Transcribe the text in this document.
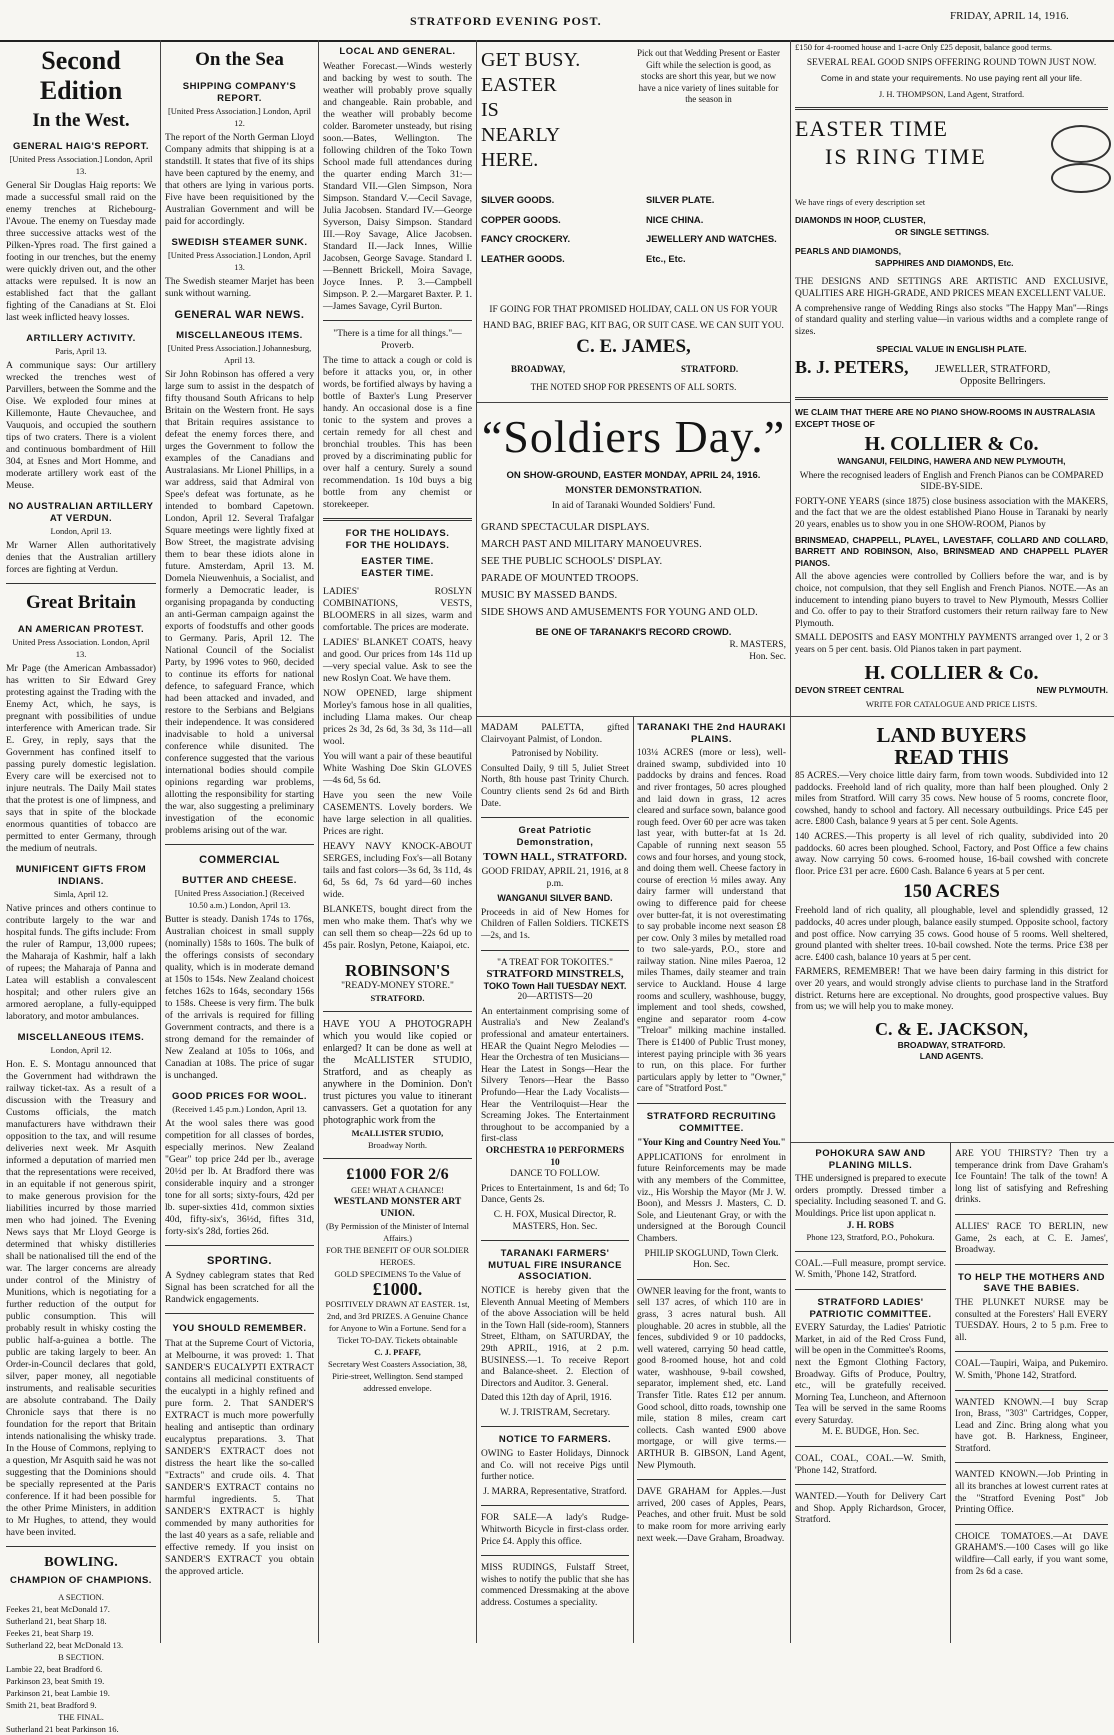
STRATFORD EVENING POST.	FRIDAY, APRIL 14, 1916.
Second Edition
In the West.
GENERAL HAIG'S REPORT.
[United Press Association.] London, April 13.
General Sir Douglas Haig reports: We made a successful small raid on the enemy trenches at Richebourg-l'Avoue. The enemy on Tuesday made three successive attacks west of the Pilken-Ypres road. The first gained a footing in our trenches, but the enemy were quickly driven out, and the other attacks were repulsed. It is now an established fact that the gallant fighting of the Canadians at St. Eloi last week inflicted heavy losses.
ARTILLERY ACTIVITY.
Paris, April 13.
A communique says: Our artillery wrecked the trenches west of Parvillers, between the Somme and the Oise. We exploded four mines at Killemonte, Haute Chevauchee, and Vauquois, and occupied the southern tips of two craters. There is a violent and continuous bombardment of Hill 304, at Esnes and Mort Homme, and moderate artillery work east of the Meuse.
NO AUSTRALIAN ARTILLERY AT VERDUN.
London, April 13.
Mr Warner Allen authoritatively denies that the Australian artillery forces are fighting at Verdun.
Great Britain
AN AMERICAN PROTEST.
United Press Association. London, April 13.
Mr Page (the American Ambassador) has written to Sir Edward Grey protesting against the Trading with the Enemy Act, which, he says, is pregnant with possibilities of undue interference with American trade. Sir E. Grey, in reply, says that the Government has confined itself to passing purely domestic legislation. Every care will be exercised not to injure neutrals. The Daily Mail states that the protest is one of limpness, and says that in spite of the blockade enormous quantities of tobacco are permitted to enter Germany, through the medium of neutrals.
MUNIFICENT GIFTS FROM INDIANS.
Simla, April 12.
Native princes and others continue to contribute largely to the war and hospital funds. The gifts include: From the ruler of Rampur, 13,000 rupees; the Maharaja of Kashmir, half a lakh of rupees; the Maharaja of Panna and Latea will establish a convalescent hospital; and other rulers give an armored aeroplane, a fully-equipped laboratory, and motor ambulances.
MISCELLANEOUS ITEMS.
London, April 12.
Hon. E. S. Montagu announced that the Government had withdrawn the railway ticket-tax. As a result of a discussion with the Treasury and Customs officials, the match manufacturers have withdrawn their opposition to the tax, and will resume deliveries next week. Mr Asquith informed a deputation of married men that the representations were received, in an equitable if not generous spirit, to make generous provision for the liabilities incurred by those married men who had joined. The Evening News says that Mr Lloyd George is determined that whisky distilleries shall be nationalised till the end of the war. The larger concerns are already under control of the Ministry of Munitions, which is negotiating for a further reduction of the output for public consumption. This will probably result in whisky costing the public half-a-guinea a bottle. The public are taking largely to beer. An Order-in-Council declares that gold, silver, paper money, all negotiable instruments, and realisable securities are absolute contraband. The Daily Chronicle says that there is no foundation for the report that Britain intends nationalising the whisky trade. In the House of Commons, replying to a question, Mr Asquith said he was not suggesting that the Dominions should be specially represented at the Paris conference. If it had been possible for the other Prime Ministers, in addition to Mr Hughes, to attend, they would have been invited.
BOWLING.
CHAMPION OF CHAMPIONS.
A SECTION.
Feekes 21, beat McDonald 17.
Sutherland 21, beat Sharp 18.
Feekes 21, beat Sharp 19.
Sutherland 22, beat McDonald 13.
B SECTION.
Lambie 22, beat Bradford 6.
Parkinson 23, beat Smith 19.
Parkinson 21, beat Lambie 19.
Smith 21, beat Bradford 9.
THE FINAL.
Sutherland 21 beat Parkinson 16.
On the Sea
SHIPPING COMPANY'S REPORT.
[United Press Association.] London, April 12.
The report of the North German Lloyd Company admits that shipping is at a standstill. It states that five of its ships have been captured by the enemy, and that others are lying in various ports. Five have been requisitioned by the Australian Government and will be paid for accordingly.
SWEDISH STEAMER SUNK.
[United Press Association.] London, April 13.
The Swedish steamer Marjet has been sunk without warning.
GENERAL WAR NEWS.
MISCELLANEOUS ITEMS.
[United Press Association.] Johannesburg, April 13.
Sir John Robinson has offered a very large sum to assist in the despatch of fifty thousand South Africans to help Britain on the Western front. He says that Britain requires assistance to defeat the enemy forces there, and urges the Government to follow the examples of the Canadians and Australasians. Mr Lionel Phillips, in a war address, said that Admiral von Spee's defeat was fortunate, as he intended to bombard Capetown. London, April 12. Several Trafalgar Square meetings were lightly fixed at Bow Street, the magistrate advising them to bear these idiots alone in future. Amsterdam, April 13. M. Domela Nieuwenhuis, a Socialist, and formerly a Democratic leader, is organising propaganda by conducting an anti-German campaign against the exports of foodstuffs and other goods to Germany. Paris, April 12. The National Council of the Socialist Party, by 1996 votes to 960, decided to continue its efforts for national defence, to safeguard France, which had been attacked and invaded, and restore to the Serbians and Belgians their independence. It was considered inadvisable to hold a universal conference while disunited. The conference suggested that the various international bodies should compile opinions regarding war problems, allotting the responsibility for starting the war, also suggesting a preliminary investigation of the economic problems arising out of the war.
COMMERCIAL
BUTTER AND CHEESE.
[United Press Association.] (Received 10.50 a.m.) London, April 13.
Butter is steady. Danish 174s to 176s, Australian choicest in small supply (nominally) 158s to 160s. The bulk of the offerings consists of secondary quality, which is in moderate demand at 150s to 154s. New Zealand choicest fetches 162s to 164s, secondary 156s to 158s. Cheese is very firm. The bulk of the arrivals is required for filling Government contracts, and there is a strong demand for the remainder of New Zealand at 105s to 106s, and Canadian at 108s. The price of sugar is unchanged.
GOOD PRICES FOR WOOL.
(Received 1.45 p.m.) London, April 13.
At the wool sales there was good competition for all classes of bordes, especially merinos. New Zealand "Gear" top price 24d per lb., average 20½d per lb. At Bradford there was considerable inquiry and a stronger tone for all sorts; sixty-fours, 42d per lb. super-sixties 41d, common sixties 40d, fifty-six's, 36½d, fiftes 31d, forty-six's 28d, forties 26d.
SPORTING.
A Sydney cablegram states that Red Signal has been scratched for all the Randwick engagements.
YOU SHOULD REMEMBER.
That at the Supreme Court of Victoria, at Melbourne, it was proved: 1. That SANDER'S EUCALYPTI EXTRACT contains all medicinal constituents of the eucalypti in a highly refined and pure form. 2. That SANDER'S EXTRACT is much more powerfully healing and antiseptic than ordinary eucalyptus preparations. 3. That SANDER'S EXTRACT does not distress the heart like the so-called "Extracts" and crude oils. 4. That SANDER'S EXTRACT contains no harmful ingredients. 5. That SANDER'S EXTRACT is highly commended by many authorities for the last 40 years as a safe, reliable and effective remedy. If you insist on SANDER'S EXTRACT you obtain the approved article.
LOCAL AND GENERAL.
Weather Forecast.—Winds westerly and backing by west to south. The weather will probably prove squally and changeable. Rain probable, and the weather will probably become colder. Barometer unsteady, but rising soon.—Bates, Wellington. The following children of the Toko Town School made full attendances during the quarter ending March 31:—Standard VII.—Glen Simpson, Nora Simpson. Standard V.—Cecil Savage, Julia Jacobsen. Standard IV.—George Syverson, Daisy Simpson. Standard III.—Roy Savage, Alice Jacobsen. Standard II.—Jack Innes, Willie Jacobsen, George Savage. Standard I.—Bennett Brickell, Moira Savage, Joyce Innes. P. 3.—Campbell Simpson. P. 2.—Margaret Baxter. P. 1.—James Savage, Cyril Burton.
"There is a time for all things."—Proverb.
The time to attack a cough or cold is before it attacks you, or, in other words, be fortified always by having a bottle of Baxter's Lung Preserver handy. An occasional dose is a fine tonic to the system and proves a certain remedy for all chest and bronchial troubles. This has been proved by a discriminating public for over half a century. Surely a sound recommendation. 1s 10d buys a big bottle from any chemist or storekeeper.
FOR THE HOLIDAYS.
FOR THE HOLIDAYS.
EASTER TIME.
EASTER TIME.
LADIES' ROSLYN COMBINATIONS, VESTS, BLOOMERS in all sizes, warm and comfortable. The prices are moderate.
LADIES' BLANKET COATS, heavy and good. Our prices from 14s 11d up—very special value. Ask to see the new Roslyn Coat. We have them.
NOW OPENED, large shipment Morley's famous hose in all qualities, including Llama makes. Our cheap prices 2s 3d, 2s 6d, 3s 3d, 3s 11d—all wool.
You will want a pair of these beautiful White Washing Doe Skin GLOVES —4s 6d, 5s 6d.
Have you seen the new Voile CASEMENTS. Lovely borders. We have large selection in all qualities. Prices are right.
HEAVY NAVY KNOCK-ABOUT SERGES, including Fox's—all Botany tails and fast colors—3s 6d, 3s 11d, 4s 6d, 5s 6d, 7s 6d yard—60 inches wide.
BLANKETS, bought direct from the men who make them. That's why we can sell them so cheap—22s 6d up to 45s pair. Roslyn, Petone, Kaiapoi, etc.
ROBINSON'S
"READY-MONEY STORE."
STRATFORD.
HAVE YOU A PHOTOGRAPH which you would like copied or enlarged? It can be done as well at the McALLISTER STUDIO, Stratford, and as cheaply as anywhere in the Dominion. Don't trust pictures you value to itinerant canvassers. Get a quotation for any photographic work from the
McALLISTER STUDIO,
Broadway North.
£1000 FOR 2/6
GEE! WHAT A CHANCE!
WESTLAND MONSTER ART UNION.
(By Permission of the Minister of Internal Affairs.)
FOR THE BENEFIT OF OUR SOLDIER HEROES.
GOLD SPECIMENS To the Value of
£1000.
POSITIVELY DRAWN AT EASTER. 1st, 2nd, and 3rd PRIZES. A Genuine Chance for Anyone to Win a Fortune. Send for a Ticket TO-DAY. Tickets obtainable
C. J. PFAFF,
Secretary West Coasters Association, 38, Pirie-street, Wellington. Send stamped addressed envelope.
GET BUSY.
EASTER
IS
NEARLY
HERE.
Pick out that Wedding Present or Easter Gift while the selection is good, as stocks are short this year, but we now have a nice variety of lines suitable for the season in
SILVER GOODS.
COPPER GOODS.
FANCY CROCKERY.
LEATHER GOODS.
SILVER PLATE.
NICE CHINA.
JEWELLERY AND WATCHES.
Etc., Etc.
IF GOING FOR THAT PROMISED HOLIDAY, CALL ON US FOR YOUR HAND BAG, BRIEF BAG, KIT BAG, OR SUIT CASE. WE CAN SUIT YOU.
C. E. JAMES,
BROADWAY,	STRATFORD.
THE NOTED SHOP FOR PRESENTS OF ALL SORTS.
“Soldiers Day.”
ON SHOW-GROUND, EASTER MONDAY, APRIL 24, 1916.
MONSTER DEMONSTRATION.
In aid of Taranaki Wounded Soldiers' Fund.
GRAND SPECTACULAR DISPLAYS.
MARCH PAST AND MILITARY MANOEUVRES.
SEE THE PUBLIC SCHOOLS' DISPLAY.
PARADE OF MOUNTED TROOPS.
MUSIC BY MASSED BANDS.
SIDE SHOWS AND AMUSEMENTS FOR YOUNG AND OLD.
BE ONE OF TARANAKI'S RECORD CROWD.
R. MASTERS,
Hon. Sec.
MADAM PALETTA, gifted Clairvoyant Palmist, of London.
Patronised by Nobility.
Consulted Daily, 9 till 5, Juliet Street North, 8th house past Trinity Church. Country clients send 2s 6d and Birth Date.
Great Patriotic Demonstration,
TOWN HALL, STRATFORD.
GOOD FRIDAY, APRIL 21, 1916, at 8 p.m.
WANGANUI SILVER BAND.
Proceeds in aid of New Homes for Children of Fallen Soldiers. TICKETS—2s, and 1s.
"A TREAT FOR TOKOITES."
STRATFORD MINSTRELS,
TOKO Town Hall TUESDAY NEXT.
20—ARTISTS—20
An entertainment comprising some of Australia's and New Zealand's professional and amateur entertainers. HEAR the Quaint Negro Melodies —Hear the Orchestra of ten Musicians—Hear the Latest in Songs—Hear the Silvery Tenors—Hear the Basso Profundo—Hear the Lady Vocalists—Hear the Ventriloquist—Hear the Screaming Jokes. The Entertainment throughout to be accompanied by a first-class
ORCHESTRA 10 PERFORMERS 10
DANCE TO FOLLOW.
Prices to Entertainment, 1s and 6d; To Dance, Gents 2s.
C. H. FOX, Musical Director, R. MASTERS, Hon. Sec.
TARANAKI FARMERS' MUTUAL FIRE INSURANCE ASSOCIATION.
NOTICE is hereby given that the Eleventh Annual Meeting of Members of the above Association will be held in the Town Hall (side-room), Stanners Street, Eltham, on SATURDAY, the 29th APRIL, 1916, at 2 p.m. BUSINESS.—1. To receive Report and Balance-sheet. 2. Election of Directors and Auditor. 3. General.
Dated this 12th day of April, 1916.
W. J. TRISTRAM, Secretary.
NOTICE TO FARMERS.
OWING to Easter Holidays, Dinnock and Co. will not receive Pigs until further notice.
J. MARRA, Representative, Stratford.
FOR SALE—A lady's Rudge-Whitworth Bicycle in first-class order. Price £4. Apply this office.
MISS RUDINGS, Fulstaff Street, wishes to notify the public that she has commenced Dressmaking at the above address. Costumes a speciality.
TARANAKI THE 2nd HAURAKI PLAINS.
103¼ ACRES (more or less), well-drained swamp, subdivided into 10 paddocks by drains and fences. Road and river frontages, 50 acres ploughed and laid down in grass, 12 acres cleared and surface sown, balance good rough feed. Over 60 per acre was taken last year, with butter-fat at 1s 2d. Capable of running next season 55 cows and four horses, and young stock, and doing them well. Cheese factory in course of erection ½ miles away. Any dairy farmer will understand that owing to difference paid for cheese over butter-fat, it is not overestimating to say probable income next season £8 per cow. Only 3 miles by metalled road to two sale-yards, P.O., store and railway station. Nine miles Paeroa, 12 miles Thames, daily steamer and train service to Auckland. House 4 large rooms and scullery, washhouse, buggy, implement and tool sheds, cowshed, engine and separator room 4-cow "Treloar" milking machine installed. There is £1400 of Public Trust money, interest paying principle with 36 years to run, on this place. For further particulars apply by letter to "Owner," care of "Stratford Post."
STRATFORD RECRUITING COMMITTEE.
"Your King and Country Need You."
APPLICATIONS for enrolment in future Reinforcements may be made with any members of the Committee, viz., His Worship the Mayor (Mr J. W. Boon), and Messrs J. Masters, C. D. Sole, and Lieutenant Gray, or with the undersigned at the Borough Council Chambers.
PHILIP SKOGLUND, Town Clerk. Hon. Sec.
OWNER leaving for the front, wants to sell 137 acres, of which 110 are in grass, 3 acres natural bush. All ploughable. 20 acres in stubble, all the fences, subdivided 9 or 10 paddocks, well watered, carrying 50 head cattle, good 8-roomed house, hot and cold water, washhouse, 9-bail cowshed, separator, implement shed, etc. Land Transfer Title. Rates £12 per annum. Good school, ditto roads, township one mile, station 8 miles, cream cart collects. Cash wanted £900 above mortgage, or will give terms.—ARTHUR B. GIBSON, Land Agent, New Plymouth.
DAVE GRAHAM for Apples.—Just arrived, 200 cases of Apples, Pears, Peaches, and other fruit. Must be sold to make room for more arriving early next week.—Dave Graham, Broadway.
£150 for 4-roomed house and 1-acre Only £25 deposit, balance good terms.
SEVERAL REAL GOOD SNIPS OFFERING ROUND TOWN JUST NOW.
Come in and state your requirements. No use paying rent all your life.
J. H. THOMPSON, Land Agent, Stratford.
EASTER TIME
IS RING TIME
We have rings of every description set
DIAMONDS IN HOOP, CLUSTER,
OR SINGLE SETTINGS.
PEARLS AND DIAMONDS,
SAPPHIRES AND DIAMONDS, Etc.
THE DESIGNS AND SETTINGS ARE ARTISTIC AND EXCLUSIVE, QUALITIES ARE HIGH-GRADE, AND PRICES MEAN EXCELLENT VALUE.
A comprehensive range of Wedding Rings also stocks "The Happy Man"—Rings of standard quality and sterling value—in various widths and a complete range of sizes.
SPECIAL VALUE IN ENGLISH PLATE.
B. J. PETERS,	JEWELLER, STRATFORD,
Opposite Bellringers.
WE CLAIM THAT THERE ARE NO PIANO SHOW-ROOMS IN AUSTRALASIA EXCEPT THOSE OF
H. COLLIER & Co.
WANGANUI, FEILDING, HAWERA AND NEW PLYMOUTH,
Where the recognised leaders of English and French Pianos can be COMPARED SIDE-BY-SIDE.
FORTY-ONE YEARS (since 1875) close business association with the MAKERS, and the fact that we are the oldest established Piano House in Taranaki by nearly 20 years, enables us to show you in one SHOW-ROOM, Pianos by
BRINSMEAD, CHAPPELL, PLAYEL, LAVESTAFF, COLLARD AND COLLARD, BARRETT AND ROBINSON, Also, BRINSMEAD AND CHAPPELL PLAYER PIANOS.
All the above agencies were controlled by Colliers before the war, and is by choice, not compulsion, that they sell English and French Pianos. NOTE.—As an inducement to intending piano buyers to travel to New Plymouth, Messrs Collier and Co. offer to pay to their Stratford customers their return railway fare to New Plymouth.
SMALL DEPOSITS and EASY MONTHLY PAYMENTS arranged over 1, 2 or 3 years on 5 per cent. basis. Old Pianos taken in part payment.
H. COLLIER & Co.
DEVON STREET CENTRAL	NEW PLYMOUTH.
WRITE FOR CATALOGUE AND PRICE LISTS.
LAND BUYERS
READ THIS
85 ACRES.—Very choice little dairy farm, from town woods. Subdivided into 12 paddocks. Freehold land of rich quality, more than half been ploughed. Only 2 miles from Stratford. Will carry 35 cows. New house of 5 rooms, concrete floor, cowshed, handy to school and factory. All necessary outbuildings. Price £45 per acre. £800 Cash, balance 9 years at 5 per cent. Sole Agents.
140 ACRES.—This property is all level of rich quality, subdivided into 20 paddocks. 60 acres been ploughed. School, Factory, and Post Office a few chains away. Now carrying 50 cows. 6-roomed house, 16-bail cowshed with concrete floor. Price £31 per acre. £600 Cash. Balance 6 years at 5 per cent.
150 ACRES
Freehold land of rich quality, all ploughable, level and splendidly grassed, 12 paddocks, 40 acres under plough, balance easily stumped. Opposite school, factory and post office. Now carrying 35 cows. Good house of 5 rooms. Well sheltered, ground planted with shelter trees. 10-bail cowshed. Note the terms. Price £38 per acre. £400 cash, balance 10 years at 5 per cent.
FARMERS, REMEMBER! That we have been dairy farming in this district for over 20 years, and would strongly advise clients to purchase land in the Stratford district. Returns here are exceptional. No droughts, good prospective values. Buy from us; we will help you to make money.
C. & E. JACKSON,
BROADWAY, STRATFORD.
LAND AGENTS.
POHOKURA SAW AND PLANING MILLS.
THE undersigned is prepared to execute orders promptly. Dressed timber a speciality. Including seasoned T. and G. Mouldings. Price list upon applicat n.
J. H. ROBS
Phone 123, Stratford, P.O., Pohokura.
COAL.—Full measure, prompt service. W. Smith, 'Phone 142, Stratford.
STRATFORD LADIES' PATRIOTIC COMMITTEE.
EVERY Saturday, the Ladies' Patriotic Market, in aid of the Red Cross Fund, will be open in the Committee's Rooms, next the Egmont Clothing Factory, Broadway. Gifts of Produce, Poultry, etc., will be gratefully received. Morning Tea, Luncheon, and Afternoon Tea will be served in the same Rooms every Saturday.
M. E. BUDGE, Hon. Sec.
COAL, COAL, COAL.—W. Smith, 'Phone 142, Stratford.
WANTED.—Youth for Delivery Cart and Shop. Apply Richardson, Grocer, Stratford.
ARE YOU THIRSTY? Then try a temperance drink from Dave Graham's Ice Fountain! The talk of the town! A long list of satisfying and Refreshing drinks.
ALLIES' RACE TO BERLIN, new Game, 2s each, at C. E. James', Broadway.
TO HELP THE MOTHERS AND SAVE THE BABIES.
THE PLUNKET NURSE may be consulted at the Foresters' Hall EVERY TUESDAY. Hours, 2 to 5 p.m. Free to all.
COAL—Taupiri, Waipa, and Pukemiro. W. Smith, 'Phone 142, Stratford.
WANTED KNOWN.—I buy Scrap Iron, Brass, "303" Cartridges, Copper, Lead and Zinc. Bring along what you have got. B. Harkness, Engineer, Stratford.
WANTED KNOWN.—Job Printing in all its branches at lowest current rates at the "Stratford Evening Post" Job Printing Office.
CHOICE TOMATOES.—At DAVE GRAHAM'S.—100 Cases will go like wildfire—Call early, if you want some, from 2s 6d a case.
